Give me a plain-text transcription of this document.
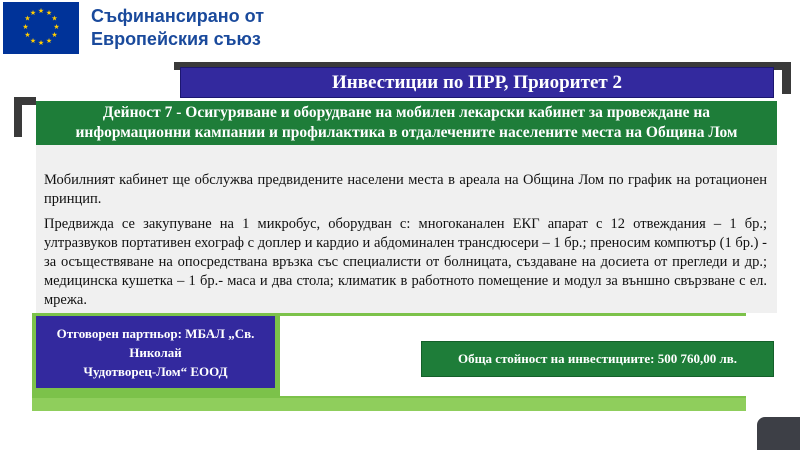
★ ★
★
★
★
★
★
★
★
★
★
★	Съфинансирано от
Европейския съюз
Инвестиции по ПРР, Приоритет 2
Дейност 7 - Осигуряване и оборудване на мобилен лекарски кабинет за провеждане на
информационни кампании и профилактика в отдалечените населените места на Община Лом

Мобилният кабинет ще обслужва предвидените населени места в ареала на Община Лом по график на ротационен принцип.

Предвижда се закупуване на 1 микробус, оборудван с: многоканален ЕКГ апарат с 12 отвеждания – 1 бр.; ултразвуков портативен ехограф с доплер и кардио и абдоминален трансдюсери – 1 бр.; преносим компютър (1 бр.) - за осъществяване на опосредствана връзка със специалисти от болницата, създаване на досиета от прегледи и др.; медицинска кушетка – 1 бр.- маса и два стола; климатик в работното помещение и модул за външно свързване с ел. мрежа.

Отговорен партньор: МБАЛ „Св. Николай
Чудотворец-Лом“ ЕООД
Обща стойност на инвестициите: 500 760,00 лв.
